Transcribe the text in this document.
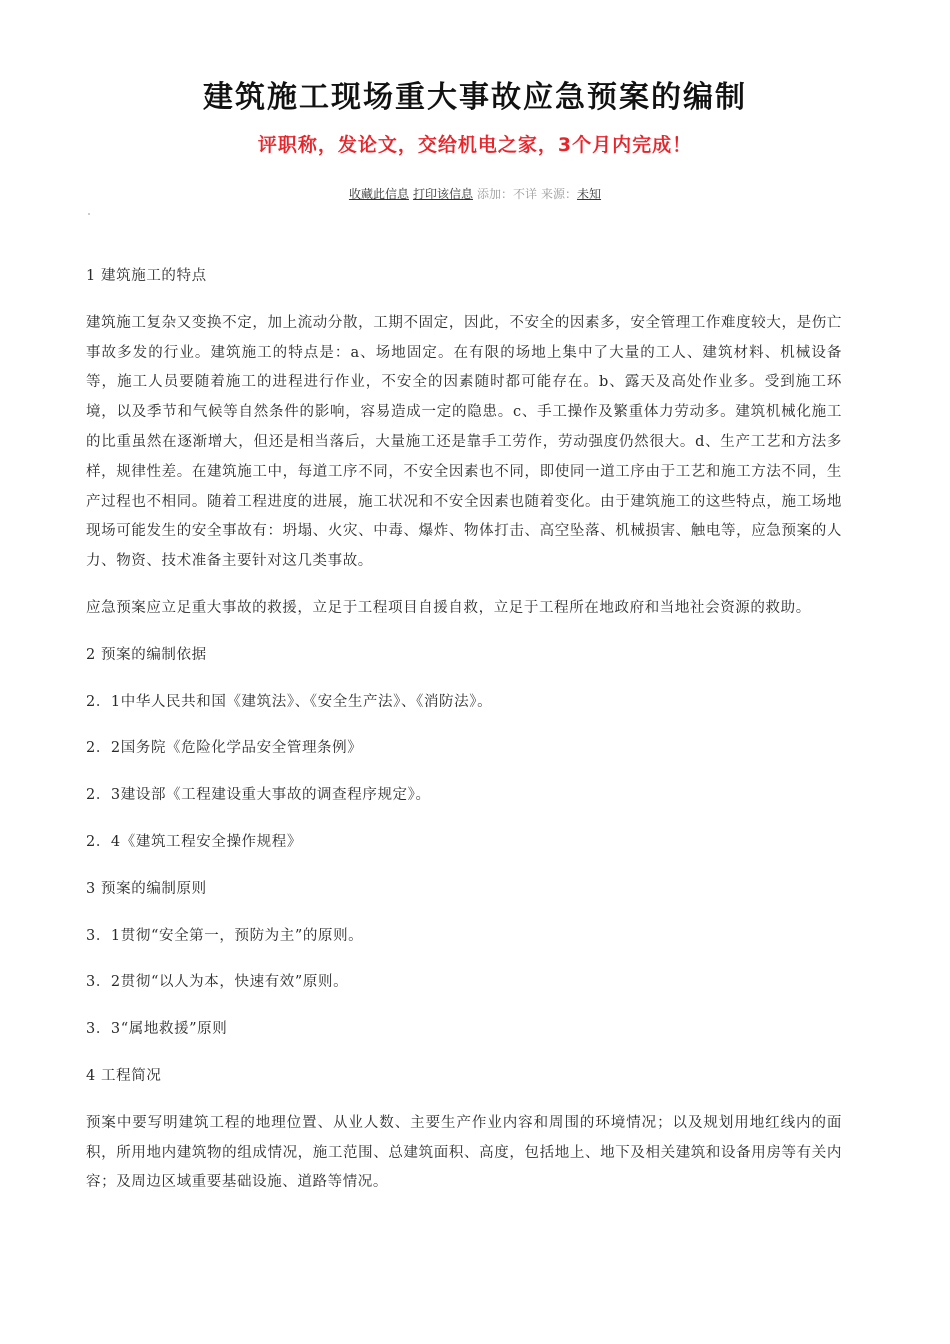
建筑施工现场重大事故应急预案的编制
评职称，发论文，交给机电之家，3个月内完成！
收藏此信息 打印该信息 添加：不详 来源：未知

1 建筑施工的特点

建筑施工复杂又变换不定，加上流动分散，工期不固定，因此，不安全的因素多，安全管理工作难度较大，是伤亡事故多发的行业。建筑施工的特点是：a、场地固定。在有限的场地上集中了大量的工人、建筑材料、机械设备等，施工人员要随着施工的进程进行作业，不安全的因素随时都可能存在。b、露天及高处作业多。受到施工环境，以及季节和气候等自然条件的影响，容易造成一定的隐患。c、手工操作及繁重体力劳动多。建筑机械化施工的比重虽然在逐渐增大，但还是相当落后，大量施工还是靠手工劳作，劳动强度仍然很大。d、生产工艺和方法多样，规律性差。在建筑施工中，每道工序不同，不安全因素也不同，即使同一道工序由于工艺和施工方法不同，生产过程也不相同。随着工程进度的进展，施工状况和不安全因素也随着变化。由于建筑施工的这些特点，施工场地现场可能发生的安全事故有：坍塌、火灾、中毒、爆炸、物体打击、高空坠落、机械损害、触电等，应急预案的人力、物资、技术准备主要针对这几类事故。

应急预案应立足重大事故的救援，立足于工程项目自援自救，立足于工程所在地政府和当地社会资源的救助。

2 预案的编制依据

2．1中华人民共和国《建筑法》、《安全生产法》、《消防法》。

2．2国务院《危险化学品安全管理条例》

2．3建设部《工程建设重大事故的调查程序规定》。

2．4《建筑工程安全操作规程》

3 预案的编制原则

3．1贯彻“安全第一，预防为主”的原则。

3．2贯彻“以人为本，快速有效”原则。

3．3“属地救援”原则

4 工程简况

预案中要写明建筑工程的地理位置、从业人数、主要生产作业内容和周围的环境情况；以及规划用地红线内的面积，所用地内建筑物的组成情况，施工范围、总建筑面积、高度，包括地上、地下及相关建筑和设备用房等有关内容；及周边区域重要基础设施、道路等情况。
